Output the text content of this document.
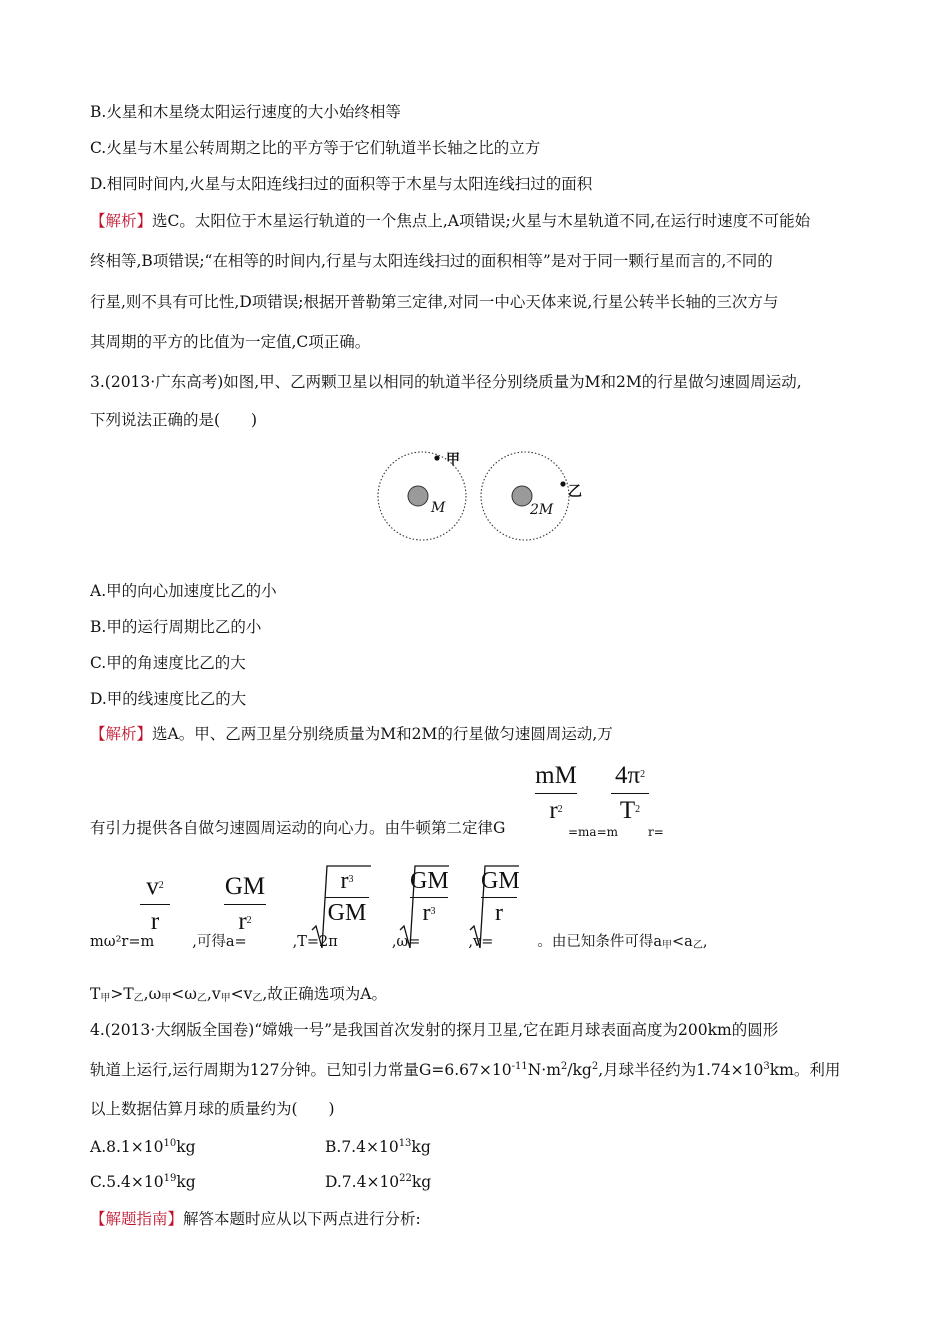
B.火星和木星绕太阳运行速度的大小始终相等
C.火星与木星公转周期之比的平方等于它们轨道半长轴之比的立方
D.相同时间内,火星与太阳连线扫过的面积等于木星与太阳连线扫过的面积
【解析】选C。太阳位于木星运行轨道的一个焦点上,A项错误;火星与木星轨道不同,在运行时速度不可能始
终相等,B项错误;“在相等的时间内,行星与太阳连线扫过的面积相等”是对于同一颗行星而言的,不同的
行星,则不具有可比性,D项错误;根据开普勒第三定律,对同一中心天体来说,行星公转半长轴的三次方与
其周期的平方的比值为一定值,C项正确。
3.(2013·广东高考)如图,甲、乙两颗卫星以相同的轨道半径分别绕质量为M和2M的行星做匀速圆周运动,
下列说法正确的是(　　)
甲
乙
M	2M
A.甲的向心加速度比乙的小
B.甲的运行周期比乙的小
C.甲的角速度比乙的大
D.甲的线速度比乙的大
【解析】选A。甲、乙两卫星分别绕质量为M和2M的行星做匀速圆周运动,万
mM
$r^2$
$4\pi^2$
$T^2$
有引力提供各自做匀速圆周运动的向心力。由牛顿第二定律G	=ma=m r=
$v^2$
r
GM
$r^2$
$r^3$
GM
GM
$r^3$
GM
r
mω²r=m	,可得a=	,T=2π	,ω=	,v=	。由已知条件可得$a_甲<a_乙$,
$T_甲>T_乙,\omega_甲<\omega_乙,v_甲<v_乙$,故正确选项为A。
4.(2013·大纲版全国卷)“嫦娥一号”是我国首次发射的探月卫星,它在距月球表面高度为200km的圆形
轨道上运行,运行周期为127分钟。已知引力常量$G=6.67\times 10^{-11}N\cdot m^2/kg^2$,月球半径约为$1.74\times 10^3km$。利用
以上数据估算月球的质量约为(　　)
$A.8.1\times 10^{10}kg$	$B.7.4\times 10^{13}kg$
$C.5.4\times 10^{19}kg$	$D.7.4\times 10^{22}kg$
【解题指南】解答本题时应从以下两点进行分析:
